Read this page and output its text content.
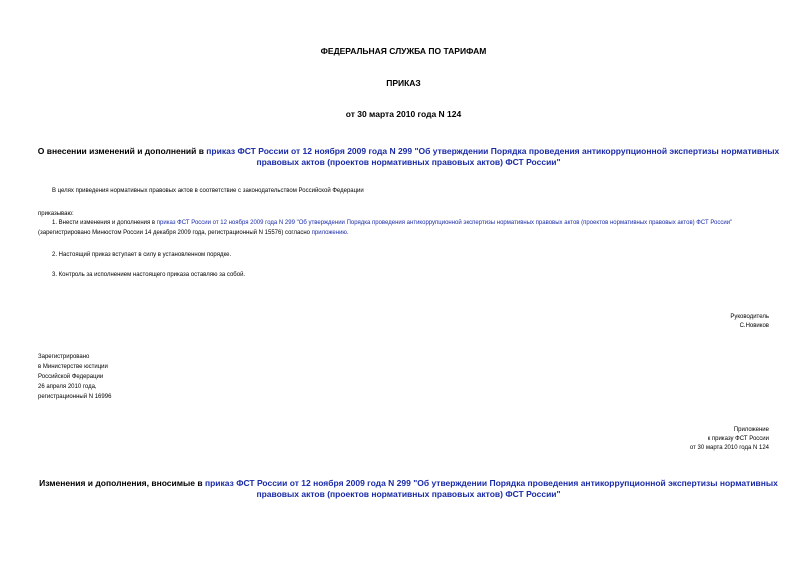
ФЕДЕРАЛЬНАЯ СЛУЖБА ПО ТАРИФАМ
ПРИКАЗ
от 30 марта 2010 года N 124
О внесении изменений и дополнений в приказ ФСТ России от 12 ноября 2009 года N 299 "Об утверждении Порядка проведения антикоррупционной экспертизы нормативных правовых актов (проектов нормативных правовых актов) ФСТ России"
В целях приведения нормативных правовых актов в соответствие с законодательством Российской Федерации
приказываю:
1. Внести изменения и дополнения в приказ ФСТ России от 12 ноября 2009 года N 299 "Об утверждении Порядка проведения антикоррупционной экспертизы нормативных правовых актов (проектов нормативных правовых актов) ФСТ России" (зарегистрировано Минюстом России 14 декабря 2009 года, регистрационный N 15576) согласно приложению.
2. Настоящий приказ вступает в силу в установленном порядке.
3. Контроль за исполнением настоящего приказа оставляю за собой.
Руководитель
С.Новиков
Зарегистрировано
в Министерстве юстиции
Российской Федерации
26 апреля 2010 года,
регистрационный N 16996
Приложение
к приказу ФСТ России
от 30 марта 2010 года N 124
Изменения и дополнения, вносимые в приказ ФСТ России от 12 ноября 2009 года N 299 "Об утверждении Порядка проведения антикоррупционной экспертизы нормативных правовых актов (проектов нормативных правовых актов) ФСТ России"
